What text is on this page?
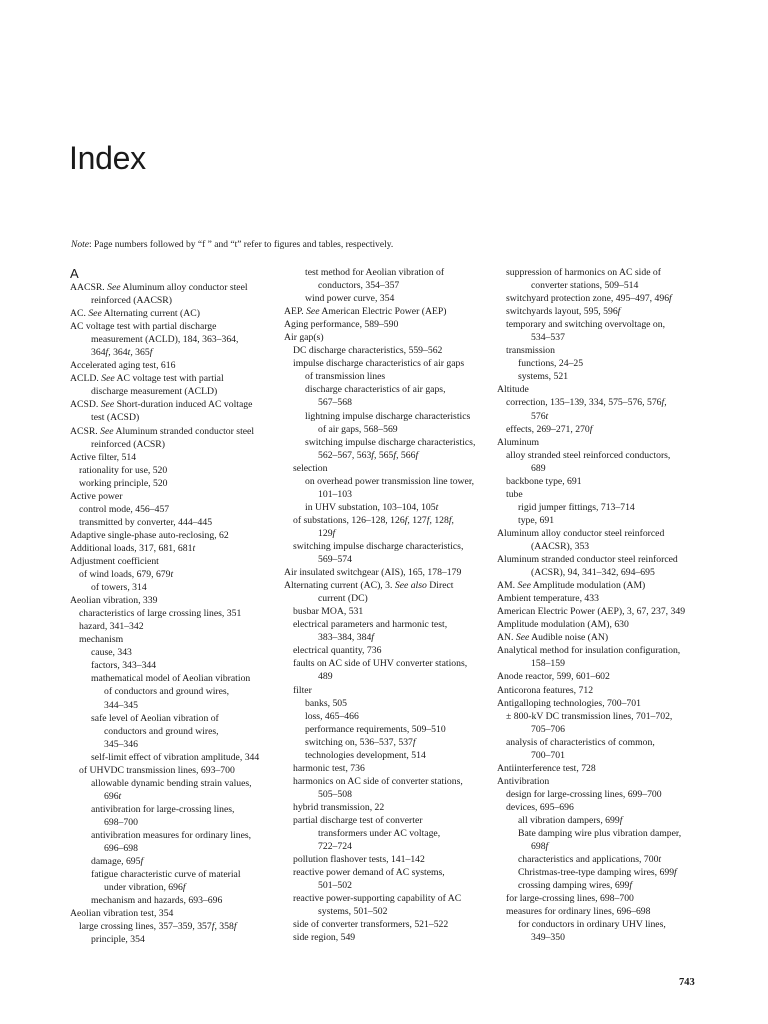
Index

Note: Page numbers followed by “f ” and “t” refer to figures and tables, respectively.

A
AACSR. See Aluminum alloy conductor steel
reinforced (AACSR)
AC. See Alternating current (AC)
AC voltage test with partial discharge
measurement (ACLD), 184, 363–364,
364f, 364t, 365f
Accelerated aging test, 616
ACLD. See AC voltage test with partial
discharge measurement (ACLD)
ACSD. See Short-duration induced AC voltage
test (ACSD)
ACSR. See Aluminum stranded conductor steel
reinforced (ACSR)
Active filter, 514
rationality for use, 520
working principle, 520
Active power
control mode, 456–457
transmitted by converter, 444–445
Adaptive single-phase auto-reclosing, 62
Additional loads, 317, 681, 681t
Adjustment coefficient
of wind loads, 679, 679t
of towers, 314
Aeolian vibration, 339
characteristics of large crossing lines, 351
hazard, 341–342
mechanism
cause, 343
factors, 343–344
mathematical model of Aeolian vibration
of conductors and ground wires,
344–345
safe level of Aeolian vibration of
conductors and ground wires,
345–346
self-limit effect of vibration amplitude, 344
of UHVDC transmission lines, 693–700
allowable dynamic bending strain values,
696t
antivibration for large-crossing lines,
698–700
antivibration measures for ordinary lines,
696–698
damage, 695f
fatigue characteristic curve of material
under vibration, 696f
mechanism and hazards, 693–696
Aeolian vibration test, 354
large crossing lines, 357–359, 357f, 358f
principle, 354
test method for Aeolian vibration of
conductors, 354–357
wind power curve, 354
AEP. See American Electric Power (AEP)
Aging performance, 589–590
Air gap(s)
DC discharge characteristics, 559–562
impulse discharge characteristics of air gaps
of transmission lines
discharge characteristics of air gaps,
567–568
lightning impulse discharge characteristics
of air gaps, 568–569
switching impulse discharge characteristics,
562–567, 563f, 565f, 566f
selection
on overhead power transmission line tower,
101–103
in UHV substation, 103–104, 105t
of substations, 126–128, 126f, 127f, 128f,
129f
switching impulse discharge characteristics,
569–574
Air insulated switchgear (AIS), 165, 178–179
Alternating current (AC), 3. See also Direct
current (DC)
busbar MOA, 531
electrical parameters and harmonic test,
383–384, 384f
electrical quantity, 736
faults on AC side of UHV converter stations,
489
filter
banks, 505
loss, 465–466
performance requirements, 509–510
switching on, 536–537, 537f
technologies development, 514
harmonic test, 736
harmonics on AC side of converter stations,
505–508
hybrid transmission, 22
partial discharge test of converter
transformers under AC voltage,
722–724
pollution flashover tests, 141–142
reactive power demand of AC systems,
501–502
reactive power-supporting capability of AC
systems, 501–502
side of converter transformers, 521–522
side region, 549
suppression of harmonics on AC side of
converter stations, 509–514
switchyard protection zone, 495–497, 496f
switchyards layout, 595, 596f
temporary and switching overvoltage on,
534–537
transmission
functions, 24–25
systems, 521
Altitude
correction, 135–139, 334, 575–576, 576f,
576t
effects, 269–271, 270f
Aluminum
alloy stranded steel reinforced conductors,
689
backbone type, 691
tube
rigid jumper fittings, 713–714
type, 691
Aluminum alloy conductor steel reinforced
(AACSR), 353
Aluminum stranded conductor steel reinforced
(ACSR), 94, 341–342, 694–695
AM. See Amplitude modulation (AM)
Ambient temperature, 433
American Electric Power (AEP), 3, 67, 237, 349
Amplitude modulation (AM), 630
AN. See Audible noise (AN)
Analytical method for insulation configuration,
158–159
Anode reactor, 599, 601–602
Anticorona features, 712
Antigalloping technologies, 700–701
± 800-kV DC transmission lines, 701–702,
705–706
analysis of characteristics of common,
700–701
Antiinterference test, 728
Antivibration
design for large-crossing lines, 699–700
devices, 695–696
all vibration dampers, 699f
Bate damping wire plus vibration damper,
698f
characteristics and applications, 700t
Christmas-tree-type damping wires, 699f
crossing damping wires, 699f
for large-crossing lines, 698–700
measures for ordinary lines, 696–698
for conductors in ordinary UHV lines,
349–350

743
